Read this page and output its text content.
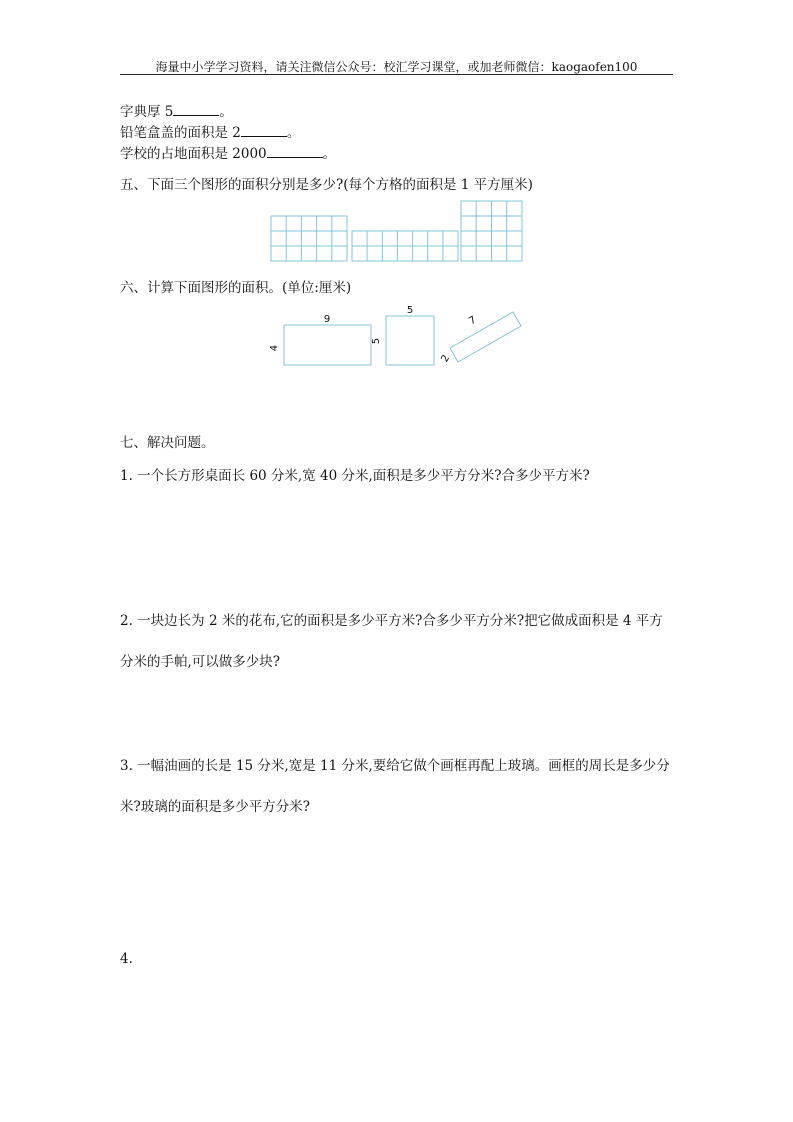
海量中小学学习资料，请关注微信公众号：校汇学习课堂，或加老师微信：kaogaofen100
字典厚 5	。
铅笔盒盖的面积是 2	。
学校的占地面积是 2000	。
五、下面三个图形的面积分别是多少?(每个方格的面积是 1 平方厘米)
六、计算下面图形的面积。(单位:厘米)
9
4
5
5
7
2
七、解决问题。
1. 一个长方形桌面长 60 分米,宽 40 分米,面积是多少平方分米?合多少平方米?
2. 一块边长为 2 米的花布,它的面积是多少平方米?合多少平方分米?把它做成面积是 4 平方
分米的手帕,可以做多少块?
3. 一幅油画的长是 15 分米,宽是 11 分米,要给它做个画框再配上玻璃。画框的周长是多少分
米?玻璃的面积是多少平方分米?
4.
